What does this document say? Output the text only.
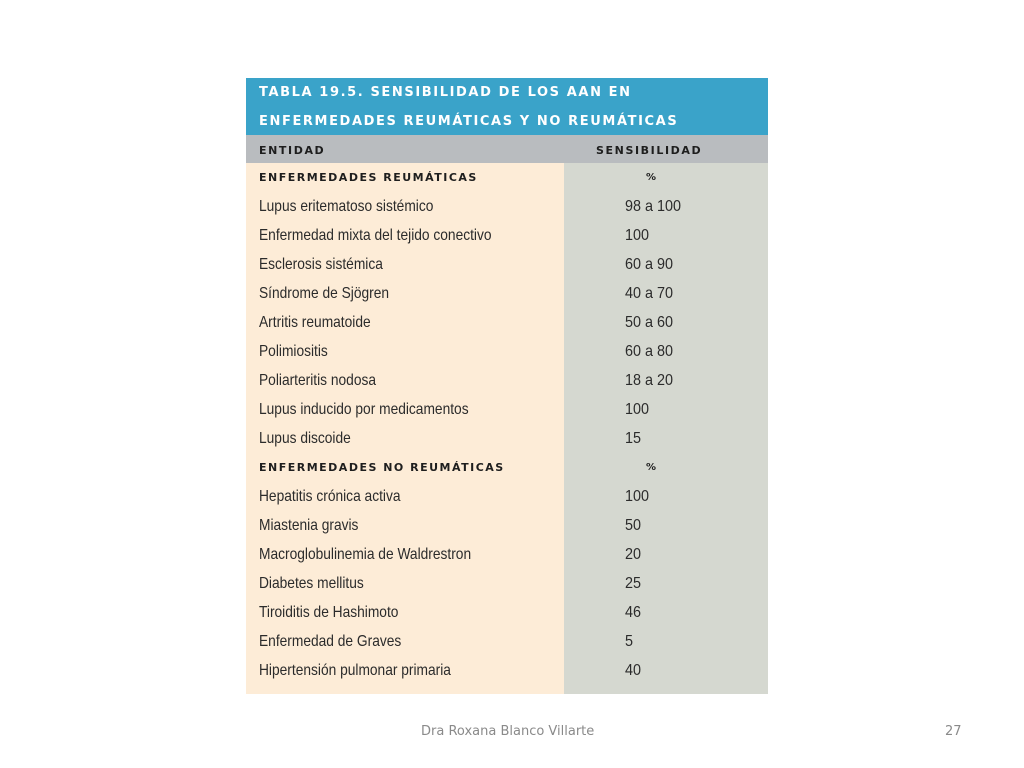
TABLA 19.5. SENSIBILIDAD DE LOS AAN EN
ENFERMEDADES REUMÁTICAS Y NO REUMÁTICAS
ENTIDAD	SENSIBILIDAD
ENFERMEDADES REUMÁTICAS	%
Lupus eritematoso sistémico	98 a 100
Enfermedad mixta del tejido conectivo	100
Esclerosis sistémica	60 a 90
Síndrome de Sjögren	40 a 70
Artritis reumatoide	50 a 60
Polimiositis	60 a 80
Poliarteritis nodosa	18 a 20
Lupus inducido por medicamentos	100
Lupus discoide	15
ENFERMEDADES NO REUMÁTICAS	%
Hepatitis crónica activa	100
Miastenia gravis	50
Macroglobulinemia de Waldrestron	20
Diabetes mellitus	25
Tiroiditis de Hashimoto	46
Enfermedad de Graves	5
Hipertensión pulmonar primaria	40
Dra Roxana Blanco Villarte	27
